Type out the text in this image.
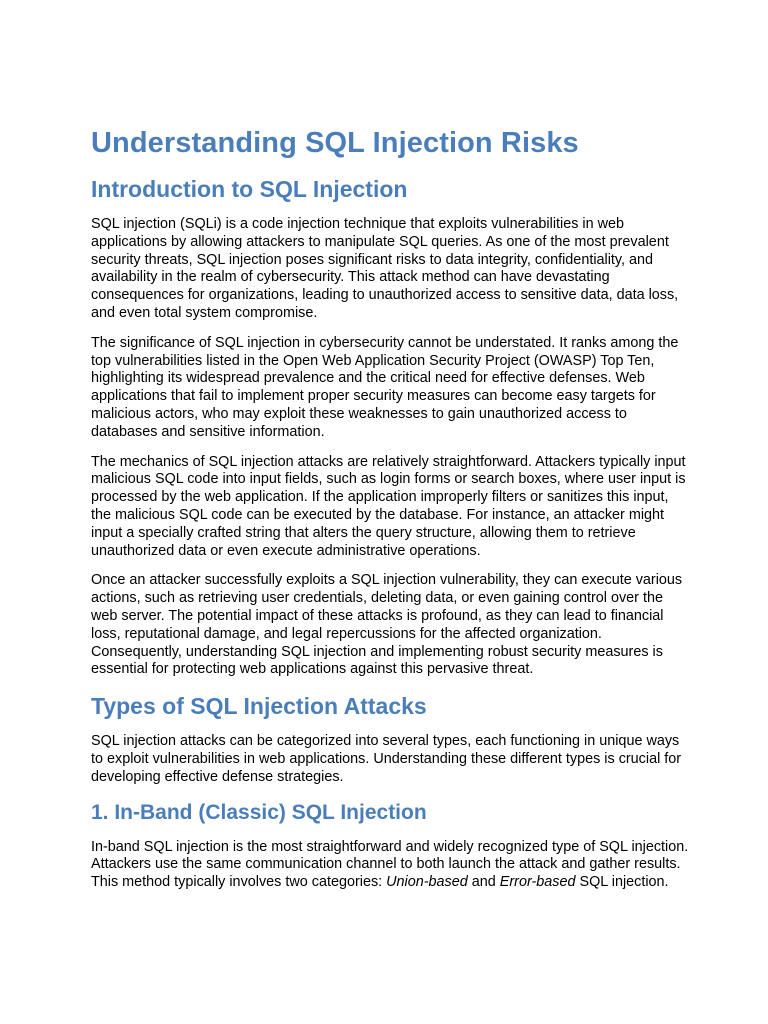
Understanding SQL Injection Risks
Introduction to SQL Injection

SQL injection (SQLi) is a code injection technique that exploits vulnerabilities in web applications by allowing attackers to manipulate SQL queries. As one of the most prevalent security threats, SQL injection poses significant risks to data integrity, confidentiality, and availability in the realm of cybersecurity. This attack method can have devastating consequences for organizations, leading to unauthorized access to sensitive data, data loss, and even total system compromise.

The significance of SQL injection in cybersecurity cannot be understated. It ranks among the top vulnerabilities listed in the Open Web Application Security Project (OWASP) Top Ten, highlighting its widespread prevalence and the critical need for effective defenses. Web applications that fail to implement proper security measures can become easy targets for malicious actors, who may exploit these weaknesses to gain unauthorized access to databases and sensitive information.

The mechanics of SQL injection attacks are relatively straightforward. Attackers typically input malicious SQL code into input fields, such as login forms or search boxes, where user input is processed by the web application. If the application improperly filters or sanitizes this input, the malicious SQL code can be executed by the database. For instance, an attacker might input a specially crafted string that alters the query structure, allowing them to retrieve unauthorized data or even execute administrative operations.

Once an attacker successfully exploits a SQL injection vulnerability, they can execute various actions, such as retrieving user credentials, deleting data, or even gaining control over the web server. The potential impact of these attacks is profound, as they can lead to financial loss, reputational damage, and legal repercussions for the affected organization. Consequently, understanding SQL injection and implementing robust security measures is essential for protecting web applications against this pervasive threat.

Types of SQL Injection Attacks

SQL injection attacks can be categorized into several types, each functioning in unique ways to exploit vulnerabilities in web applications. Understanding these different types is crucial for developing effective defense strategies.

1. In-Band (Classic) SQL Injection

In-band SQL injection is the most straightforward and widely recognized type of SQL injection. Attackers use the same communication channel to both launch the attack and gather results. This method typically involves two categories: Union-based and Error-based SQL injection.
